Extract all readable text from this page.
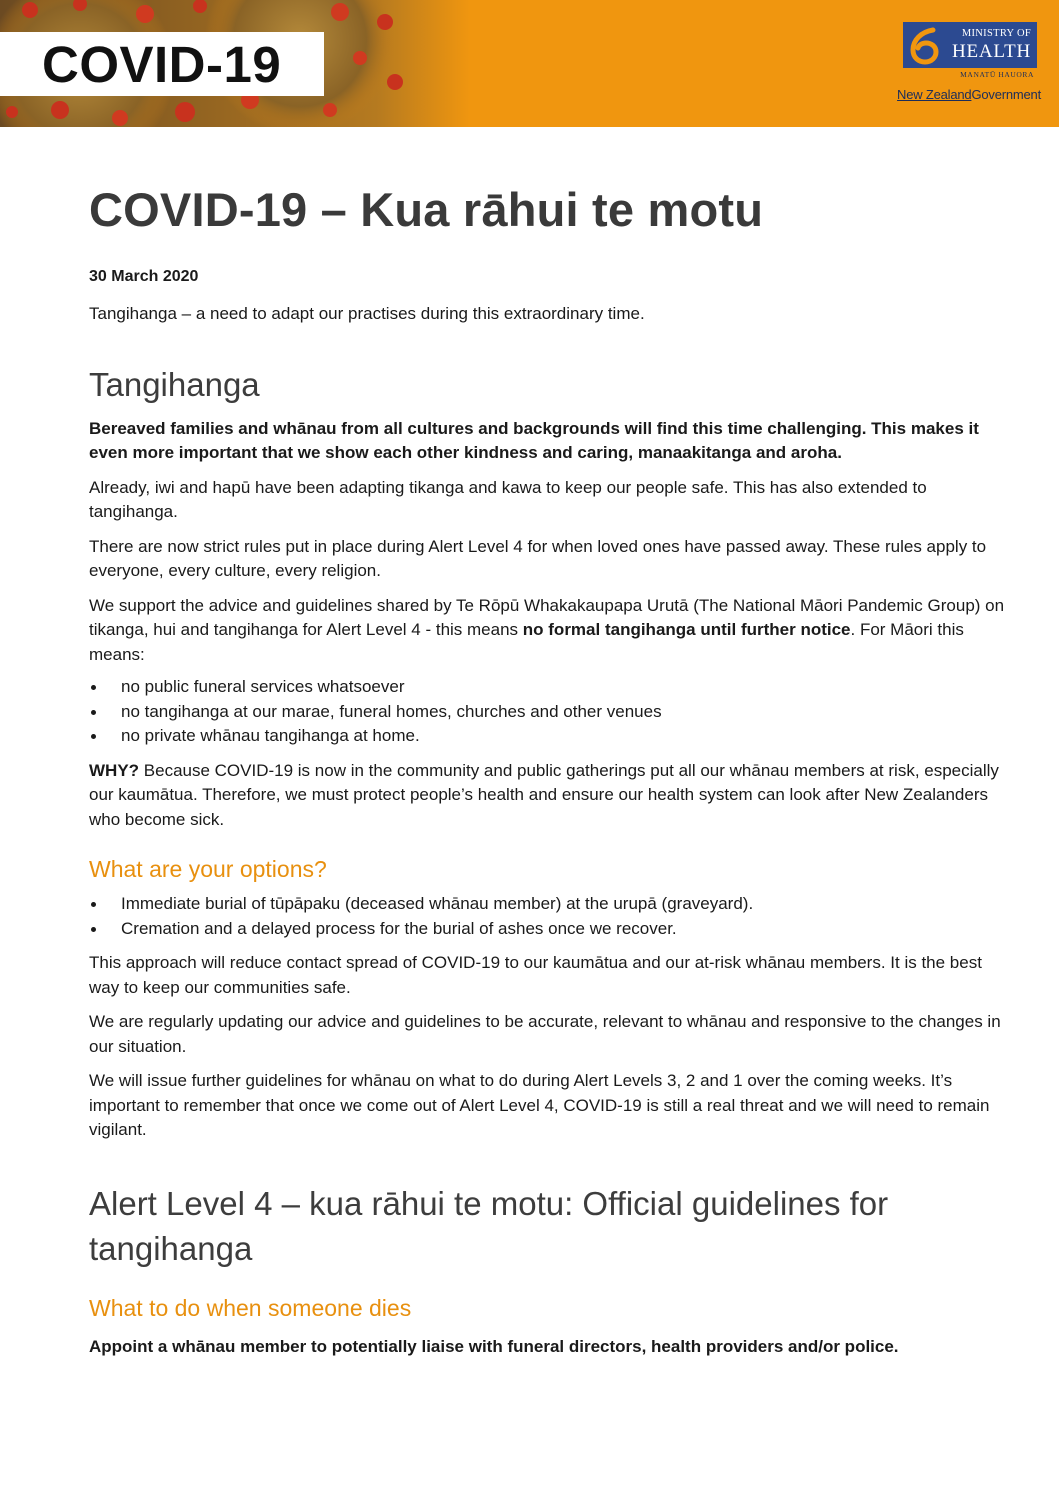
COVID-19
MINISTRY OF
HEALTH
MANATŪ HAUORA
New ZealandGovernment
COVID-19 – Kua rāhui te motu
30 March 2020

Tangihanga – a need to adapt our practises during this extraordinary time.

Tangihanga

Bereaved families and whānau from all cultures and backgrounds will find this time challenging. This makes it even more important that we show each other kindness and caring, manaakitanga and aroha.

Already, iwi and hapū have been adapting tikanga and kawa to keep our people safe. This has also extended to tangihanga.

There are now strict rules put in place during Alert Level 4 for when loved ones have passed away. These rules apply to everyone, every culture, every religion.

We support the advice and guidelines shared by Te Rōpū Whakakaupapa Urutā (The National Māori Pandemic Group) on tikanga, hui and tangihanga for Alert Level 4 - this means no formal tangihanga until further notice. For Māori this means:

no public funeral services whatsoever
no tangihanga at our marae, funeral homes, churches and other venues
no private whānau tangihanga at home.

WHY? Because COVID-19 is now in the community and public gatherings put all our whānau members at risk, especially our kaumātua. Therefore, we must protect people’s health and ensure our health system can look after New Zealanders who become sick.

What are your options?
Immediate burial of tūpāpaku (deceased whānau member) at the urupā (graveyard).
Cremation and a delayed process for the burial of ashes once we recover.

This approach will reduce contact spread of COVID-19 to our kaumātua and our at-risk whānau members. It is the best way to keep our communities safe.

We are regularly updating our advice and guidelines to be accurate, relevant to whānau and responsive to the changes in our situation.

We will issue further guidelines for whānau on what to do during Alert Levels 3, 2 and 1 over the coming weeks. It’s important to remember that once we come out of Alert Level 4, COVID-19 is still a real threat and we will need to remain vigilant.

Alert Level 4 – kua rāhui te motu: Official guidelines for tangihanga
What to do when someone dies

Appoint a whānau member to potentially liaise with funeral directors, health providers and/or police.
